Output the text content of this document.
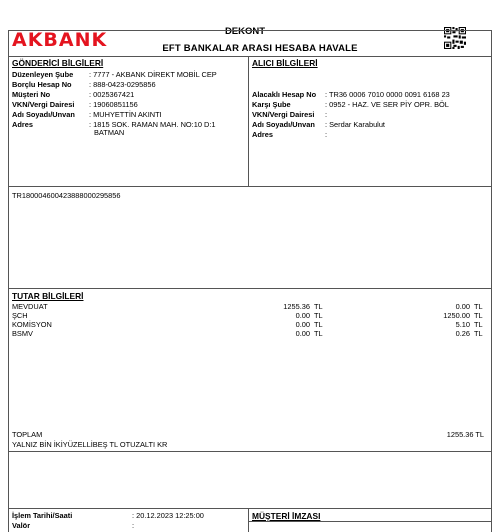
AKBANK	DEKONT
EFT BANKALAR ARASI HESABA HAVALE
GÖNDERİCİ BİLGİLERİ
Düzenleyen Şube : 7777 - AKBANK DİREKT MOBİL CEP
Borçlu Hesap No : 888-0423-0295856
Müşteri No	: 0025367421
VKN/Vergi Dairesi : 19060851156
Adı Soyadı/Unvan : MUHYETTİN AKINTI
Adres	: 1815 SOK. RAMAN MAH. NO:10 D:1
BATMAN
ALICI BİLGİLERİ
Alacaklı Hesap No : TR36 0006 7010 0000 0091 6168 23
Karşı Şube	: 0952 - HAZ. VE SER PİY OPR. BÖL
VKN/Vergi Dairesi :
Adı Soyadı/Unvan : Serdar Karabulut
Adres	:
TR18000460042388800029585​6
TUTAR BİLGİLERİ
MEVDUAT	1255.36 TL	0.00 TL
ŞCH	0.00 TL	1250.00 TL
KOMİSYON	0.00 TL	5.10 TL
BSMV	0.00 TL	0.26 TL
TOPLAM	1255.36 TL
YALNIZ BİN İKİYÜZELLİBEŞ TL OTUZALTI KR
İşlem Tarihi/Saati	: 20.12.2023 12:25:00
Valör	:
MÜŞTERİ İMZASI
